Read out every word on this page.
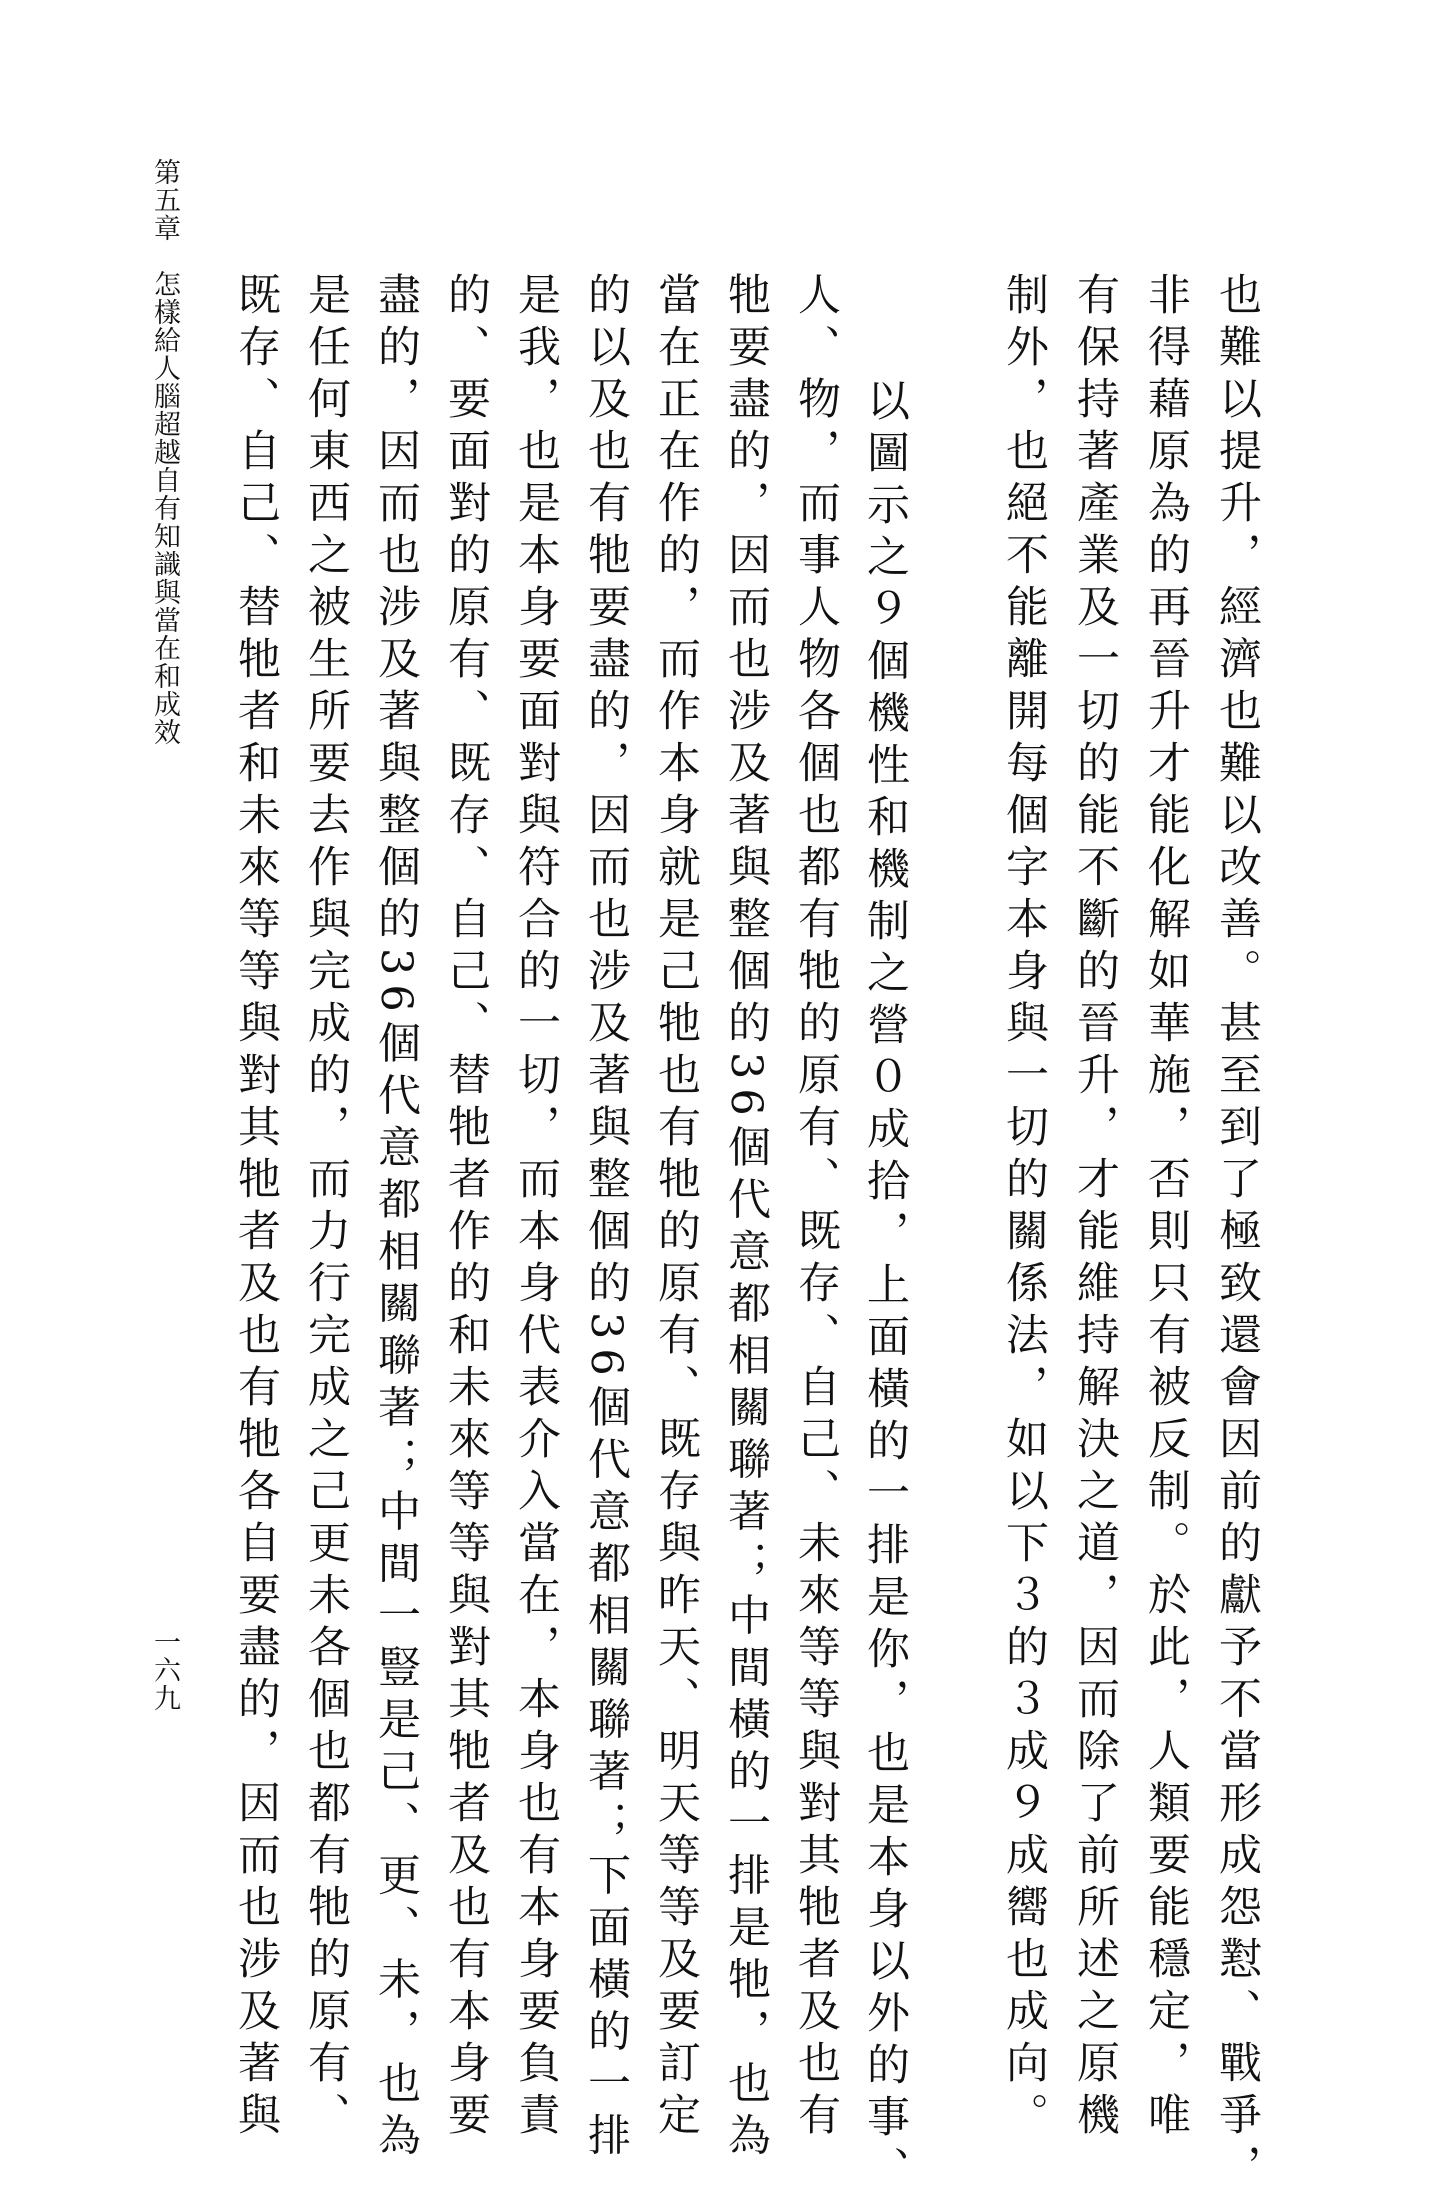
也難以提升，經濟也難以改善。甚至到了極致還會因前的獻予不當形成怨懟、戰爭，
非得藉原為的再晉升才能化解如華施，否則只有被反制。於此，人類要能穩定，唯
有保持著產業及一切的能不斷的晉升，才能維持解決之道，因而除了前所述之原機
制外，也絕不能離開每個字本身與一切的關係法，如以下３的３成９成嚮也成向。
以圖示之９個機性和機制之營０成拾，上面橫的一排是你，也是本身以外的事、
人、物，而事人物各個也都有牠的原有、既存、自己、未來等等與對其牠者及也有
牠要盡的，因而也涉及著與整個的36個代意都相關聯著；中間橫的一排是牠，也為
當在正在作的，而作本身就是己牠也有牠的原有、既存與昨天、明天等等及要訂定
的以及也有牠要盡的，因而也涉及著與整個的36個代意都相關聯著；下面橫的一排
是我，也是本身要面對與符合的一切，而本身代表介入當在，本身也有本身要負責
的、要面對的原有、既存、自己、替牠者作的和未來等等與對其牠者及也有本身要
盡的，因而也涉及著與整個的36個代意都相關聯著；中間一豎是己、更、未，也為
是任何東西之被生所要去作與完成的，而力行完成之己更未各個也都有牠的原有、
既存、自己、替牠者和未來等等與對其牠者及也有牠各自要盡的，因而也涉及著與
第五章　怎樣給人腦超越自有知識與當在和成效
一六九
